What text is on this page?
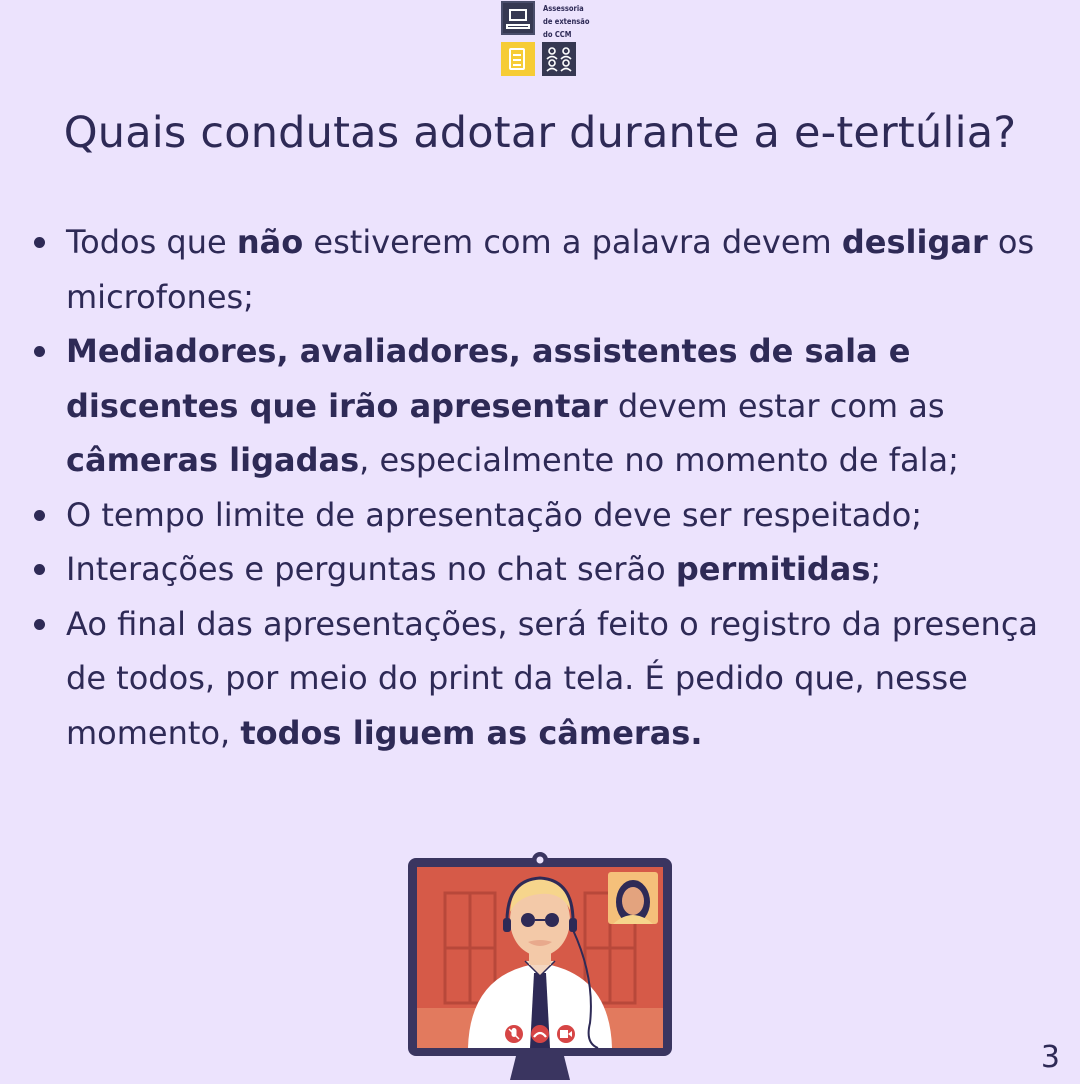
Assessoria
de extensão
do CCM
Quais condutas adotar durante a e-tertúlia?
Todos que não estiverem com a palavra devem desligar os microfones;
Mediadores, avaliadores, assistentes de sala e discentes que irão apresentar devem estar com as câmeras ligadas, especialmente no momento de fala;
O tempo limite de apresentação deve ser respeitado;
Interações e perguntas no chat serão permitidas;
Ao final das apresentações, será feito o registro da presença de todos, por meio do print da tela. É pedido que, nesse momento, todos liguem as câmeras.

3
